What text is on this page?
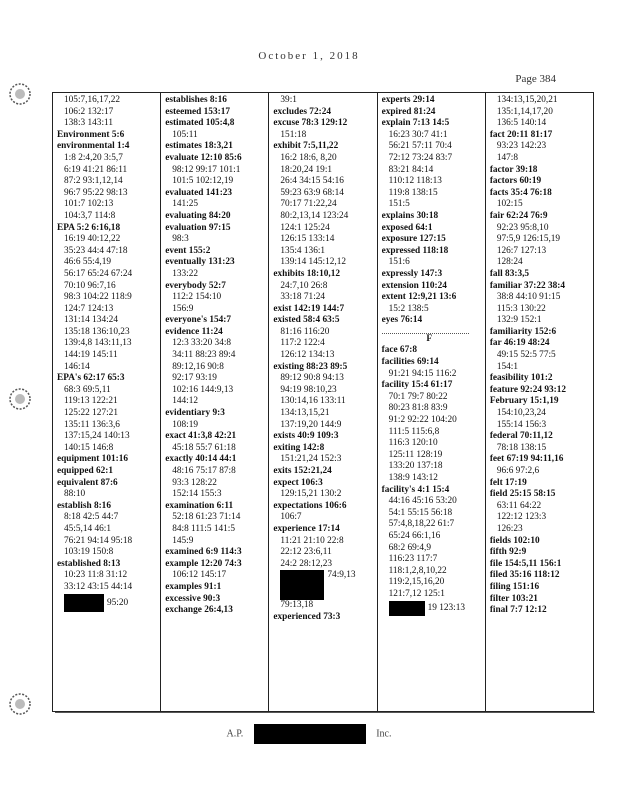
October 1, 2018
Page 384
105:7,16,17,22
106:2 132:17
138:3 143:11
Environment 5:6
environmental 1:4
1:8 2:4,20 3:5,7
6:19 41:21 86:11
87:2 93:1,12,14
96:7 95:22 98:13
101:7 102:13
104:3,7 114:8
EPA 5:2 6:16,18
16:19 40:12,22
35:23 44:4 47:18
46:6 55:4,19
56:17 65:24 67:24
70:10 96:7,16
98:3 104:22 118:9
124:7 124:13
131:14 134:24
135:18 136:10,23
139:4,8 143:11,13
144:19 145:11
146:14
EPA's 62:17 65:3
68:3 69:5,11
119:13 122:21
125:22 127:21
135:11 136:3,6
137:15,24 140:13
140:15 146:8
equipment 101:16
equipped 62:1
equivalent 87:6
88:10
establish 8:16
8:18 42:5 44:7
45:5,14 46:1
76:21 94:14 95:18
103:19 150:8
established 8:13
10:23 11:8 31:12
33:12 43:15 44:14
95:20
establishes 8:16
esteemed 153:17
estimated 105:4,8
105:11
estimates 18:3,21
evaluate 12:10 85:6
98:12 99:17 101:1
101:5 102:12,19
evaluated 141:23
141:25
evaluating 84:20
evaluation 97:15
98:3
event 155:2
eventually 131:23
133:22
everybody 52:7
112:2 154:10
156:9
everyone's 154:7
evidence 11:24
12:3 33:20 34:8
34:11 88:23 89:4
89:12,16 90:8
92:17 93:19
102:16 144:9,13
144:12
evidentiary 9:3
108:19
exact 41:3,8 42:21
45:18 55:7 61:18
exactly 40:14 44:1
48:16 75:17 87:8
93:3 128:22
152:14 155:3
examination 6:11
52:18 61:23 71:14
84:8 111:5 141:5
145:9
examined 6:9 114:3
example 12:20 74:3
106:12 145:17
examples 91:1
excessive 90:3
exchange 26:4,13
39:1
excludes 72:24
excuse 78:3 129:12
151:18
exhibit 7:5,11,22
16:2 18:6, 8,20
18:20,24 19:1
26:4 34:15 54:16
59:23 63:9 68:14
70:17 71:22,24
80:2,13,14 123:24
124:1 125:24
126:15 133:14
135:4 136:1
139:14 145:12,12
exhibits 18:10,12
24:7,10 26:8
33:18 71:24
exist 142:19 144:7
existed 58:4 63:5
81:16 116:20
117:2 122:4
126:12 134:13
existing 88:23 89:5
89:12 90:8 94:13
94:19 98:10,23
130:14,16 133:11
134:13,15,21
137:19,20 144:9
exists 40:9 109:3
exiting 142:8
151:21,24 152:3
exits 152:21,24
expect 106:3
129:15,21 130:2
expectations 106:6
106:7
experience 17:14
11:21 21:10 22:8
22:12 23:6,11
24:2 28:12,23
74:9,13
79:13,18
experienced 73:3
experts 29:14
expired 81:24
explain 7:13 14:5
16:23 30:7 41:1
56:21 57:11 70:4
72:12 73:24 83:7
83:21 84:14
110:12 118:13
119:8 138:15
151:5
explains 30:18
exposed 64:1
exposure 127:15
expressed 118:18
151:6
expressly 147:3
extension 110:24
extent 12:9,21 13:6
15:2 138:5
eyes 76:14
F
face 67:8
facilities 69:14
91:21 94:15 116:2
facility 15:4 61:17
70:1 79:7 80:22
80:23 81:8 83:9
91:2 92:22 104:20
111:5 115:6,8
116:3 120:10
125:11 128:19
133:20 137:18
138:9 143:12
facility's 4:1 15:4
44:16 45:16 53:20
54:1 55:15 56:18
57:4,8,18,22 61:7
65:24 66:1,16
68:2 69:4,9
116:23 117:7
118:1,2,8,10,22
119:2,15,16,20
121:7,12 125:1
19 123:13
134:13,15,20,21
135:1,14,17,20
136:5 140:14
fact 20:11 81:17
93:23 142:23
147:8
factor 39:18
factors 60:19
facts 35:4 76:18
102:15
fair 62:24 76:9
92:23 95:8,10
97:5,9 126:15,19
126:7 127:13
128:24
fall 83:3,5
familiar 37:22 38:4
38:8 44:10 91:15
115:3 130:22
132:9 152:1
familiarity 152:6
far 46:19 48:24
49:15 52:5 77:5
154:1
feasibility 101:2
feature 92:24 93:12
February 15:1,19
154:10,23,24
155:14 156:3
federal 70:11,12
78:18 138:15
feet 67:19 94:11,16
96:6 97:2,6
felt 17:19
field 25:15 58:15
63:11 64:22
122:12 123:3
126:23
fields 102:10
fifth 92:9
file 154:5,11 156:1
filed 35:16 118:12
filing 151:16
filter 103:21
final 7:7 12:12
A.P.	Inc.
